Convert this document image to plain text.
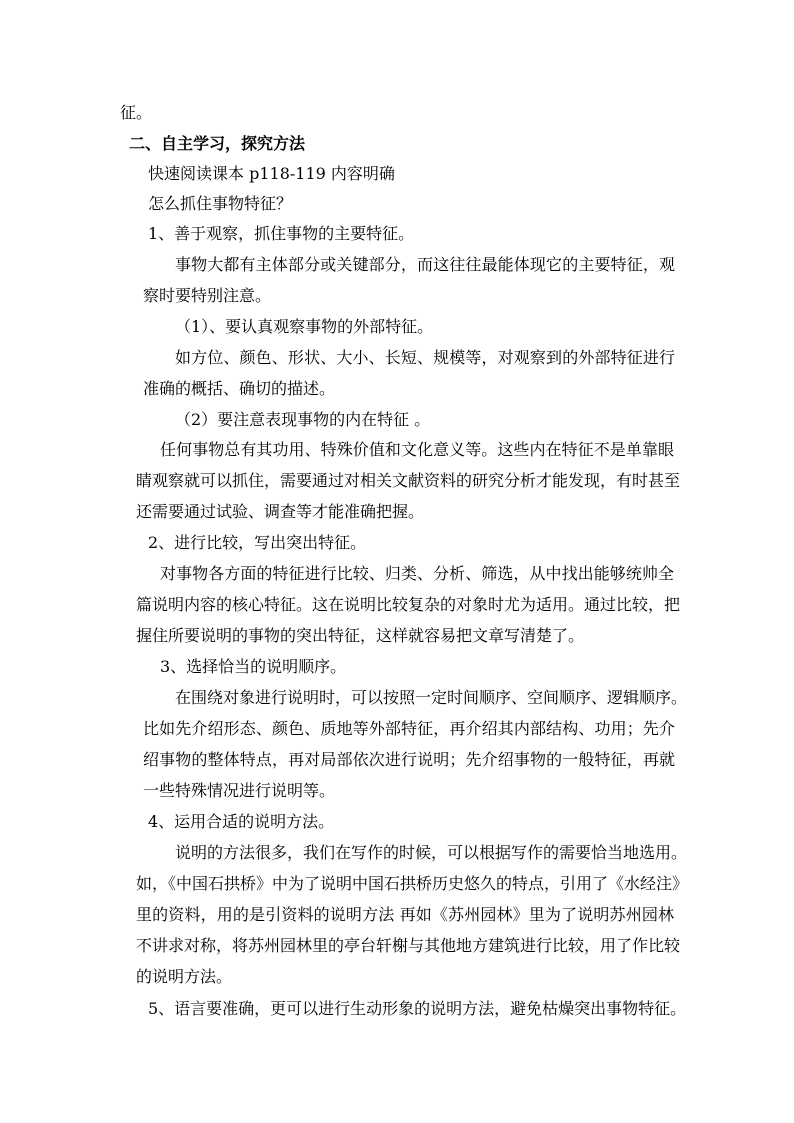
征。
二、自主学习，探究方法
快速阅读课本 p118-119 内容明确
怎么抓住事物特征？
1、善于观察，抓住事物的主要特征。
事物大都有主体部分或关键部分，而这往往最能体现它的主要特征，观
察时要特别注意。
（1）、要认真观察事物的外部特征。
如方位、颜色、形状、大小、长短、规模等，对观察到的外部特征进行
准确的概括、确切的描述。
（2）要注意表现事物的内在特征 。
任何事物总有其功用、特殊价值和文化意义等。这些内在特征不是单靠眼
睛观察就可以抓住，需要通过对相关文献资料的研究分析才能发现，有时甚至
还需要通过试验、调查等才能准确把握。
2、进行比较，写出突出特征。
对事物各方面的特征进行比较、归类、分析、筛选，从中找出能够统帅全
篇说明内容的核心特征。这在说明比较复杂的对象时尤为适用。通过比较，把
握住所要说明的事物的突出特征，这样就容易把文章写清楚了。
3、选择恰当的说明顺序。
在围绕对象进行说明时，可以按照一定时间顺序、空间顺序、逻辑顺序。
比如先介绍形态、颜色、质地等外部特征，再介绍其内部结构、功用；先介
绍事物的整体特点，再对局部依次进行说明；先介绍事物的一般特征，再就
一些特殊情况进行说明等。
4、运用合适的说明方法。
说明的方法很多，我们在写作的时候，可以根据写作的需要恰当地选用。
如，《中国石拱桥》中为了说明中国石拱桥历史悠久的特点，引用了《水经注》
里的资料，用的是引资料的说明方法 再如《苏州园林》里为了说明苏州园林
不讲求对称，将苏州园林里的亭台轩榭与其他地方建筑进行比较，用了作比较
的说明方法。
5、语言要准确，更可以进行生动形象的说明方法，避免枯燥突出事物特征。
